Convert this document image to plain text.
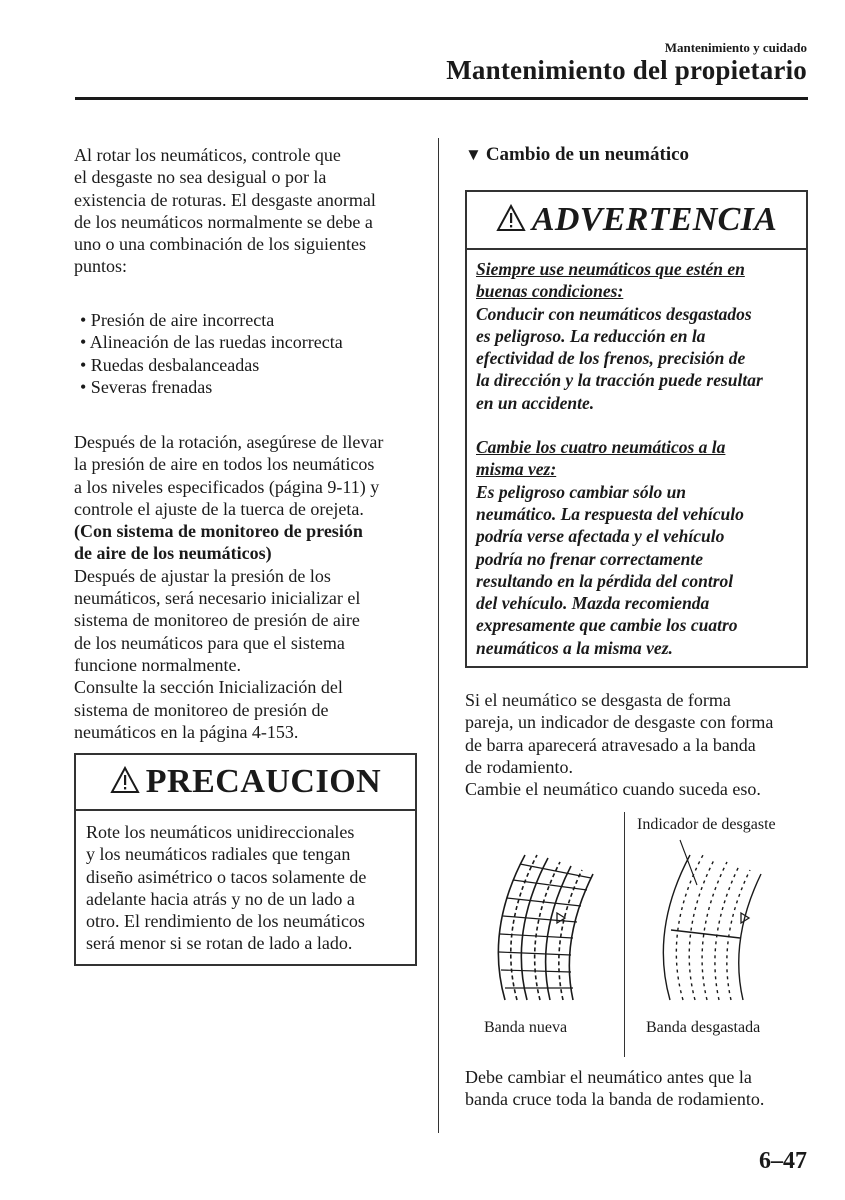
Mantenimiento y cuidado
Mantenimiento del propietario
Al rotar los neumáticos, controle que
el desgaste no sea desigual o por la
existencia de roturas. El desgaste anormal
de los neumáticos normalmente se debe a
uno o una combinación de los siguientes
puntos:
• Presión de aire incorrecta
• Alineación de las ruedas incorrecta
• Ruedas desbalanceadas
• Severas frenadas
Después de la rotación, asegúrese de llevar
la presión de aire en todos los neumáticos
a los niveles especificados (página 9-11) y
controle el ajuste de la tuerca de orejeta.
(Con sistema de monitoreo de presión
de aire de los neumáticos)
Después de ajustar la presión de los
neumáticos, será necesario inicializar el
sistema de monitoreo de presión de aire
de los neumáticos para que el sistema
funcione normalmente.
Consulte la sección Inicialización del
sistema de monitoreo de presión de
neumáticos en la página 4-153.
PRECAUCION
Rote los neumáticos unidireccionales
y los neumáticos radiales que tengan
diseño asimétrico o tacos solamente de
adelante hacia atrás y no de un lado a
otro. El rendimiento de los neumáticos
será menor si se rotan de lado a lado.
▼ Cambio de un neumático
ADVERTENCIA
Siempre use neumáticos que estén en
buenas condiciones:
Conducir con neumáticos desgastados
es peligroso. La reducción en la
efectividad de los frenos, precisión de
la dirección y la tracción puede resultar
en un accidente.
Cambie los cuatro neumáticos a la
misma vez:
Es peligroso cambiar sólo un
neumático. La respuesta del vehículo
podría verse afectada y el vehículo
podría no frenar correctamente
resultando en la pérdida del control
del vehículo. Mazda recomienda
expresamente que cambie los cuatro
neumáticos a la misma vez.
Si el neumático se desgasta de forma
pareja, un indicador de desgaste con forma
de barra aparecerá atravesado a la banda
de rodamiento.
Cambie el neumático cuando suceda eso.
Indicador de desgaste
Banda nueva	Banda desgastada
Debe cambiar el neumático antes que la
banda cruce toda la banda de rodamiento.
6–47
